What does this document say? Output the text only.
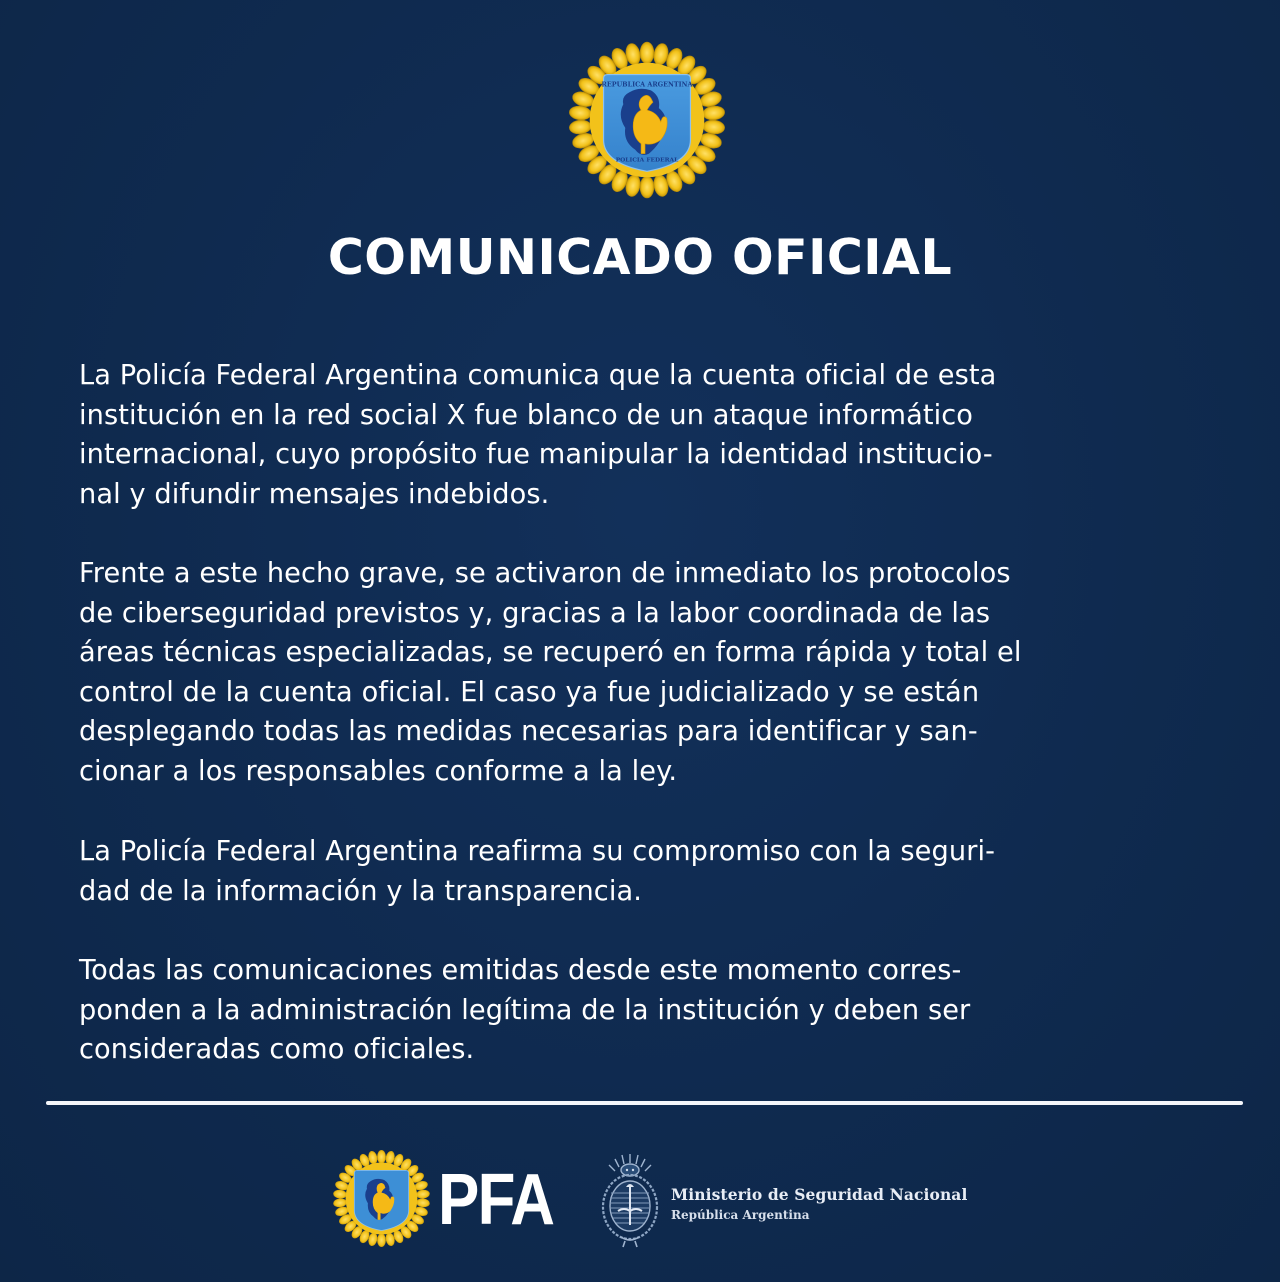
REPUBLICA ARGENTINA
POLICIA FEDERAL
COMUNICADO OFICIAL
La Policía Federal Argentina comunica que la cuenta oficial de esta
institución en la red social X fue blanco de un ataque informático
internacional, cuyo propósito fue manipular la identidad institucio-
nal y difundir mensajes indebidos.
Frente a este hecho grave, se activaron de inmediato los protocolos
de ciberseguridad previstos y, gracias a la labor coordinada de las
áreas técnicas especializadas, se recuperó en forma rápida y total el
control de la cuenta oficial. El caso ya fue judicializado y se están
desplegando todas las medidas necesarias para identificar y san-
cionar a los responsables conforme a la ley.
La Policía Federal Argentina reafirma su compromiso con la seguri-
dad de la información y la transparencia.
Todas las comunicaciones emitidas desde este momento corres-
ponden a la administración legítima de la institución y deben ser
consideradas como oficiales.
PFA	Ministerio de Seguridad Nacional
República Argentina
